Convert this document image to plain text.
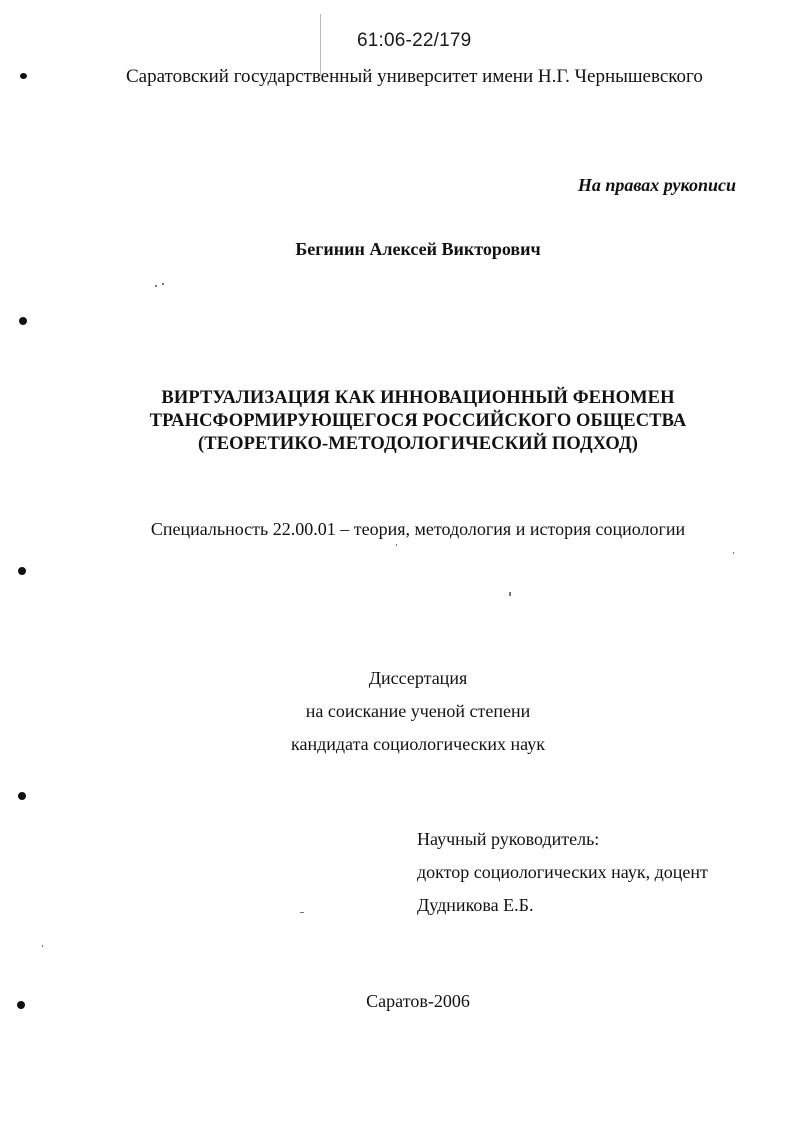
61:06-22/179
Саратовский государственный университет имени Н.Г. Чернышевского
На правах рукописи
Бегинин Алексей Викторович
ВИРТУАЛИЗАЦИЯ КАК ИННОВАЦИОННЫЙ ФЕНОМЕН
ТРАНСФОРМИРУЮЩЕГОСЯ РОССИЙСКОГО ОБЩЕСТВА
(ТЕОРЕТИКО-МЕТОДОЛОГИЧЕСКИЙ ПОДХОД)
Специальность 22.00.01 – теория, методология и история социологии
Диссертация
на соискание ученой степени
кандидата социологических наук
Научный руководитель:
доктор социологических наук, доцент
Дудникова Е.Б.
Саратов-2006
